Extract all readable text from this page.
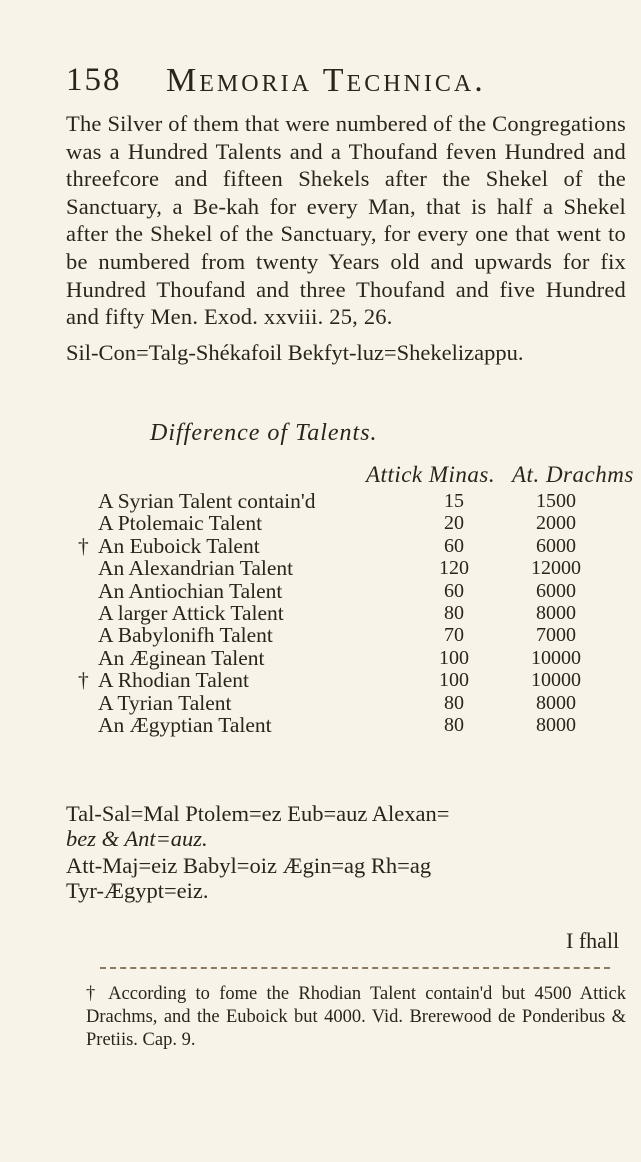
158 Memoria Technica.
The Silver of them that were numbered of the Congregations was a Hundred Talents and a Thoufand feven Hundred and threefcore and fifteen Shekels after the Shekel of the Sanctuary, a Be-kah for every Man, that is half a Shekel after the Shekel of the Sanctuary, for every one that went to be numbered from twenty Years old and upwards for fix Hundred Thoufand and three Thoufand and five Hundred and fifty Men. Exod. xxviii. 25, 26.
Sil-Con=Talg-Shékafoil Bekfyt-luz=Shekelizappu.
Difference of Talents.
Attick Minas. At. Drachms
A Syrian Talent contain'd	15	1500
A Ptolemaic Talent	20	2000
† An Euboick Talent	60	6000
An Alexandrian Talent	120	12000
An Antiochian Talent	60	6000
A larger Attick Talent	80	8000
A Babylonifh Talent	70	7000
An Æginean Talent	100	10000
† A Rhodian Talent	100	10000
A Tyrian Talent	80	8000
An Ægyptian Talent	80	8000
Tal-Sal=Mal Ptolem=ez Eub=auz Alexan=
bez & Ant=auz.
Att-Maj=eiz Babyl=oiz Ægin=ag Rh=ag
Tyr-Ægypt=eiz.
I fhall
† According to fome the Rhodian Talent contain'd but 4500 Attick Drachms, and the Euboick but 4000. Vid. Brerewood de Ponderibus & Pretiis. Cap. 9.
